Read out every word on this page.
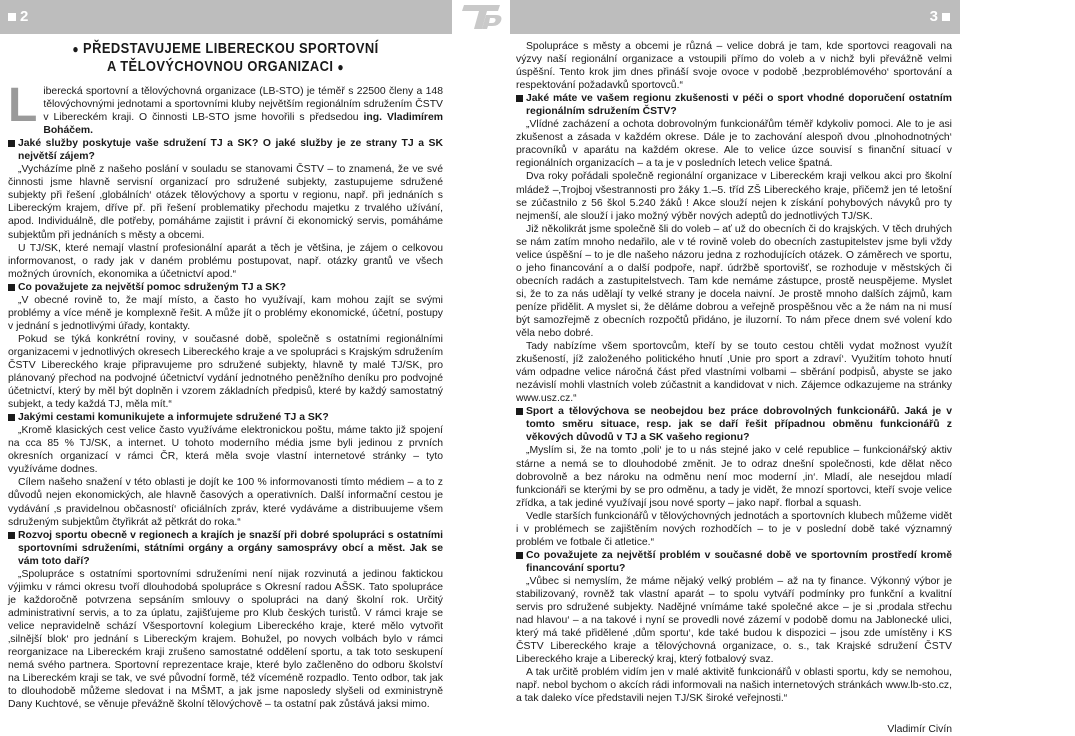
2	8 / 2007
3
● PŘEDSTAVUJEME LIBERECKOU SPORTOVNÍ
A TĚLOVÝCHOVNOU ORGANIZACI ●

Liberecká sportovní a tělovýchovná organizace (LB-STO) je téměř s 22500 členy a 148 tělovýchovnými jednotami a sportovními kluby největším regionálním sdružením ČSTV v Libereckém kraji. O činnosti LB-STO jsme hovořili s předsedou ing. Vladimírem Boháčem.

Jaké služby poskytuje vaše sdružení TJ a SK? O jaké služby je ze strany TJ a SK největší zájem?

„Vycházíme plně z našeho poslání v souladu se stanovami ČSTV – to znamená, že ve své činnosti jsme hlavně servisní organizací pro sdružené subjekty, zastupujeme sdružené subjekty při řešení ‚globálních‘ otázek tělovýchovy a sportu v regionu, např. při jednáních s Libereckým krajem, dříve př. při řešení problematiky přechodu majetku z trvalého užívání, apod. Individuálně, dle potřeby, pomáháme zajistit i právní či ekonomický servis, pomáháme subjektům při jednáních s městy a obcemi.

U TJ/SK, které nemají vlastní profesionální aparát a těch je většina, je zájem o celkovou informovanost, o rady jak v daném problému postupovat, např. otázky grantů ve všech možných úrovních, ekonomika a účetnictví apod.“

Co považujete za největší pomoc sdruženým TJ a SK?

„V obecné rovině to, že mají místo, a často ho využívají, kam mohou zajít se svými problémy a více méně je komplexně řešit. A může jít o problémy ekonomické, účetní, postupy v jednání s jednotlivými úřady, kontakty.

Pokud se týká konkrétní roviny, v současné době, společně s ostatními regionálními organizacemi v jednotlivých okresech Libereckého kraje a ve spolupráci s Krajským sdružením ČSTV Libereckého kraje připravujeme pro sdružené subjekty, hlavně ty malé TJ/SK, pro plánovaný přechod na podvojné účetnictví vydání jednotného peněžního deníku pro podvojné účetnictví, který by měl být doplněn i vzorem základních předpisů, které by každý samostatný subjekt, a tedy každá TJ, měla mít.“

Jakými cestami komunikujete a informujete sdružené TJ a SK?

„Kromě klasických cest velice často využíváme elektronickou poštu, máme takto již spojení na cca 85 % TJ/SK, a internet. U tohoto moderního média jsme byli jedinou z prvních okresních organizací v rámci ČR, která měla svoje vlastní internetové stránky – tyto využíváme dodnes.

Cílem našeho snažení v této oblasti je dojít ke 100 % informovanosti tímto médiem – a to z důvodů nejen ekonomických, ale hlavně časových a operativních. Další informační cestou je vydávání ‚s pravidelnou občasností‘ oficiálních zpráv, které vydáváme a distribuujeme všem sdruženým subjektům čtyřikrát až pětkrát do roka.“

Rozvoj sportu obecně v regionech a krajích je snazší při dobré spolupráci s ostatními sportovními sdruženími, státními orgány a orgány samosprávy obcí a měst. Jak se vám toto daří?

„Spolupráce s ostatními sportovními sdruženími není nijak rozvinutá a jedinou faktickou výjimku v rámci okresu tvoří dlouhodobá spolupráce s Okresní radou AŠSK. Tato spolupráce je každoročně potvrzena sepsáním smlouvy o spolupráci na daný školní rok. Určitý administrativní servis, a to za úplatu, zajišťujeme pro Klub českých turistů. V rámci kraje se velice nepravidelně schází Všesportovní kolegium Libereckého kraje, které mělo vytvořit ‚silnější blok‘ pro jednání s Libereckým krajem. Bohužel, po novych volbách bylo v rámci reorganizace na Libereckém kraji zrušeno samostatné oddělení sportu, a tak toto seskupení nemá svého partnera. Sportovní reprezentace kraje, které bylo začleněno do odboru školství na Libereckém kraji se tak, ve své původní formě, též víceméně rozpadlo. Tento odbor, tak jak to dlouhodobě můžeme sledovat i na MŠMT, a jak jsme naposledy slyšeli od exministryně Dany Kuchtové, se věnuje převážně školní tělovýchově – ta ostatní pak zůstává jaksi mimo.

Spolupráce s městy a obcemi je různá – velice dobrá je tam, kde sportovci reagovali na výzvy naší regionální organizace a vstoupili přímo do voleb a v nichž byli převážně velmi úspěšní. Tento krok jim dnes přináší svoje ovoce v podobě ‚bezproblémového‘ sportování a respektování požadavků sportovců.“

Jaké máte ve vašem regionu zkušenosti v péči o sport vhodné doporučení ostatním regionálním sdružením ČSTV?

„Vlídné zacházení a ochota dobrovolným funkcionářům téměř kdykoliv pomoci. Ale to je asi zkušenost a zásada v každém okrese. Dále je to zachování alespoň dvou ‚plnohodnotných‘ pracovníků v aparátu na každém okrese. Ale to velice úzce souvisí s finanční situací v regionálních organizacích – a ta je v posledních letech velice špatná.

Dva roky pořádali společně regionální organizace v Libereckém kraji velkou akci pro školní mládež –‚Trojboj všestrannosti pro žáky 1.–5. tříd ZŠ Libereckého kraje, přičemž jen té letošní se zúčastnilo z 56 škol 5.240 žáků ! Akce slouží nejen k získání pohybových návyků pro ty nejmenší, ale slouží i jako možný výběr nových adeptů do jednotlivých TJ/SK.

Již několikrát jsme společně šli do voleb – ať už do obecních či do krajských. V těch druhých se nám zatím mnoho nedařilo, ale v té rovině voleb do obecních zastupitelstev jsme byli vždy velice úspěšní – to je dle našeho názoru jedna z rozhodujících otázek. O záměrech ve sportu, o jeho financování a o další podpoře, např. údržbě sportovišť, se rozhoduje v městských či obecních radách a zastupitelstvech. Tam kde nemáme zástupce, prostě neuspějeme. Myslet si, že to za nás udělají ty velké strany je docela naivní. Je prostě mnoho dalších zájmů, kam peníze přidělit. A myslet si, že děláme dobrou a veřejně prospěšnou věc a že nám na ni musí být samozřejmě z obecních rozpočtů přidáno, je iluzorní. To nám přece dnem své volení kdo věla nebo dobré.

Tady nabízíme všem sportovcům, kteří by se touto cestou chtěli vydat možnost využít zkušeností, jíž založeného politického hnutí ‚Unie pro sport a zdraví‘. Využitím tohoto hnutí vám odpadne velice náročná část před vlastními volbami – sběrání podpisů, abyste se jako nezávislí mohli vlastních voleb zúčastnit a kandidovat v nich. Zájemce odkazujeme na stránky www.usz.cz.“

Sport a tělovýchova se neobejdou bez práce dobrovolných funkcionářů. Jaká je v tomto směru situace, resp. jak se daří řešit případnou obměnu funkcionářů z věkových důvodů v TJ a SK vašeho regionu?

„Myslím si, že na tomto ‚poli‘ je to u nás stejné jako v celé republice – funkcionářský aktiv stárne a nemá se to dlouhodobé změnit. Je to odraz dnešní společnosti, kde dělat něco dobrovolně a bez nároku na odměnu není moc moderní ‚in‘. Mladí, ale nesejdou mladí funkcionáři se kterými by se pro odměnu, a tady je vidět, že mnozí sportovci, kteří svoje velice zřídka, a tak jediné využívají jsou nové sporty – jako např. florbal a squash.

Vedle starších funkcionářů v tělovýchovných jednotách a sportovních klubech můžeme vidět i v problémech se zajištěním nových rozhodčích – to je v poslední době také významný problém ve fotbale či atletice.“

Co považujete za největší problém v současné době ve sportovním prostředí kromě financování sportu?

„Vůbec si nemyslím, že máme nějaký velký problém – až na ty finance. Výkonný výbor je stabilizovaný, rovněž tak vlastní aparát – to spolu vytváří podmínky pro funkční a kvalitní servis pro sdružené subjekty. Nadějné vnímáme také společné akce – je si ‚prodala střechu nad hlavou‘ – a na takové i nyní se provedli nové zázemí v podobě domu na Jablonecké ulici, který má také přidělené ‚dům sportu‘, kde také budou k dispozici – jsou zde umístěny i KS ČSTV Libereckého kraje a tělovýchovná organizace, o. s., tak Krajské sdružení ČSTV Libereckého kraje a Liberecký kraj, který fotbalový svaz.

A tak určitě problém vidím jen v malé aktivitě funkcionářů v oblasti sportu, kdy se nemohou, např. nebol bychom o akcích rádi informovali na našich internetových stránkách www.lb-sto.cz, a tak daleko více představili nejen TJ/SK široké veřejnosti.“

Vladimír Civín
